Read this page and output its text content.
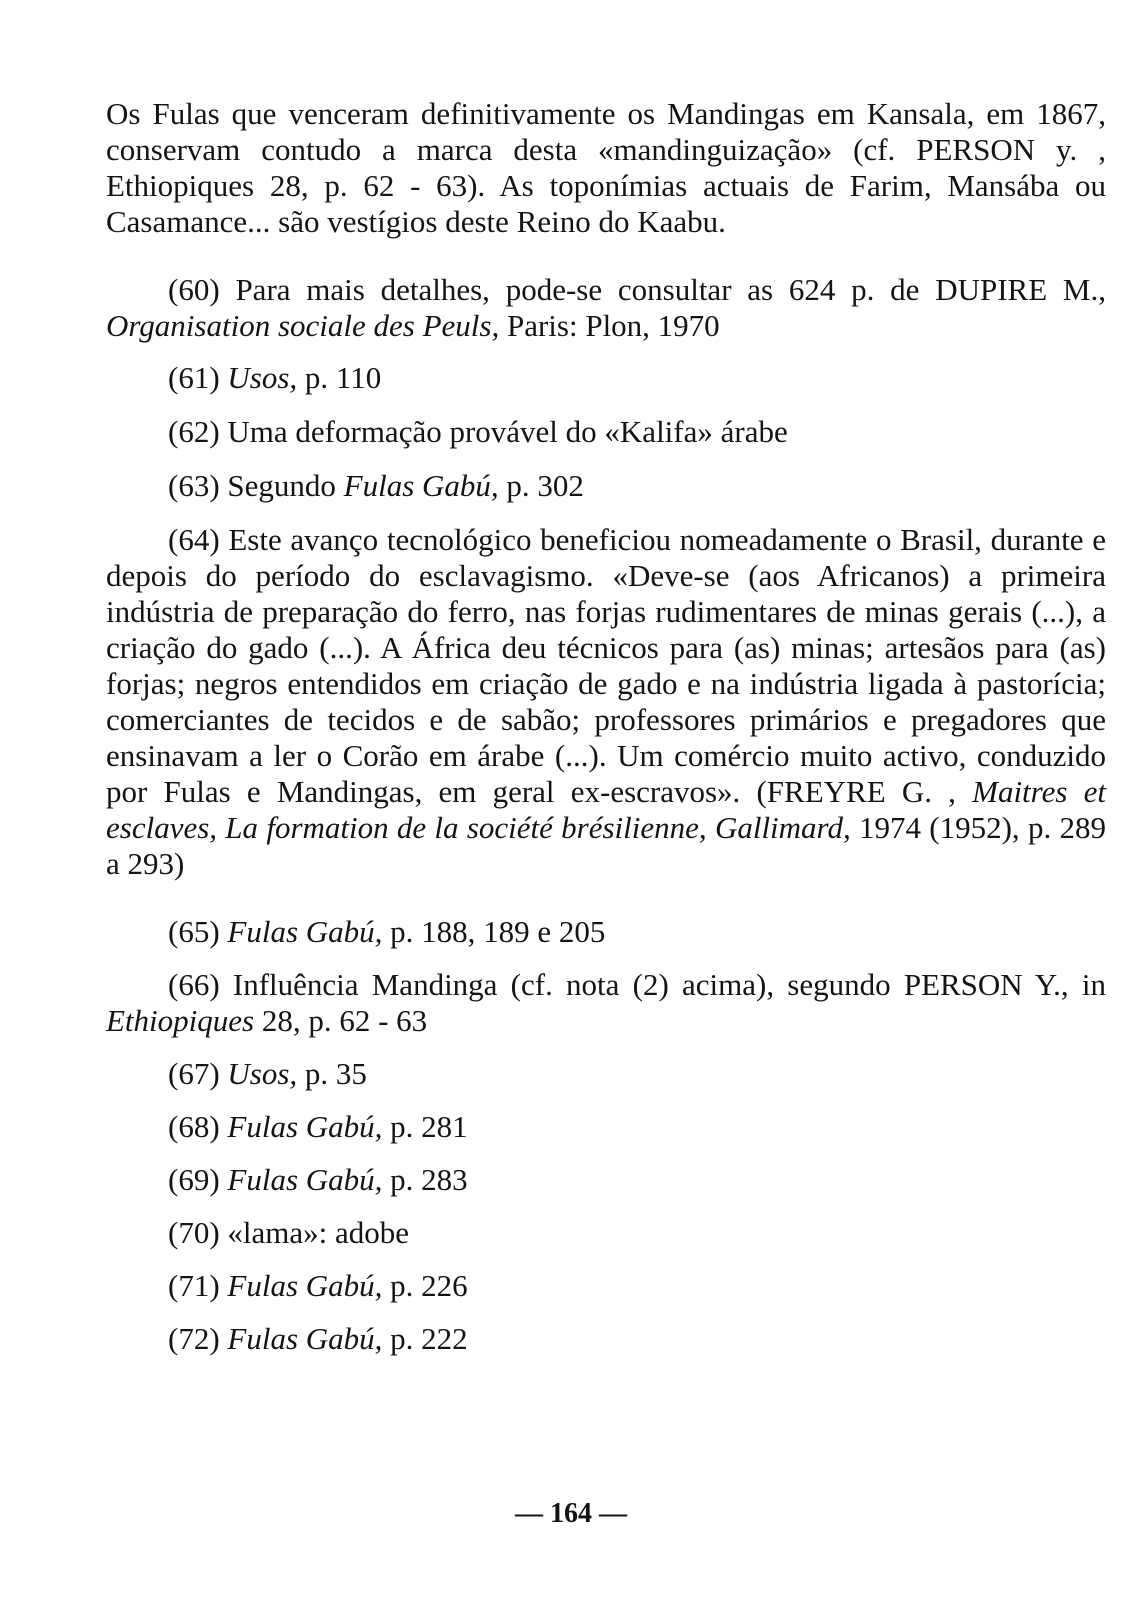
Os Fulas que venceram definitivamente os Mandingas em Kansala, em 1867, conservam contudo a marca desta «mandinguização» (cf. PERSON y. , Ethiopiques 28, p. 62 - 63). As toponímias actuais de Farim, Mansába ou Casamance... são vestígios deste Reino do Kaabu.

(60) Para mais detalhes, pode-se consultar as 624 p. de DUPIRE M., Organisation sociale des Peuls, Paris: Plon, 1970

(61) Usos, p. 110

(62) Uma deformação provável do «Kalifa» árabe

(63) Segundo Fulas Gabú, p. 302

(64) Este avanço tecnológico beneficiou nomeadamente o Brasil, durante e depois do período do esclavagismo. «Deve-se (aos Africanos) a primeira indústria de preparação do ferro, nas forjas rudimentares de minas gerais (...), a criação do gado (...). A África deu técnicos para (as) minas; artesãos para (as) forjas; negros entendidos em criação de gado e na indústria ligada à pastorícia; comerciantes de tecidos e de sabão; professores primários e pregadores que ensinavam a ler o Corão em árabe (...). Um comércio muito activo, conduzido por Fulas e Mandingas, em geral ex-escravos». (FREYRE G. , Maitres et esclaves, La formation de la société brésilienne, Gallimard, 1974 (1952), p. 289 a 293)

(65) Fulas Gabú, p. 188, 189 e 205

(66) Influência Mandinga (cf. nota (2) acima), segundo PERSON Y., in Ethiopiques 28, p. 62 - 63

(67) Usos, p. 35

(68) Fulas Gabú, p. 281

(69) Fulas Gabú, p. 283

(70) «lama»: adobe

(71) Fulas Gabú, p. 226

(72) Fulas Gabú, p. 222

— 164 —
